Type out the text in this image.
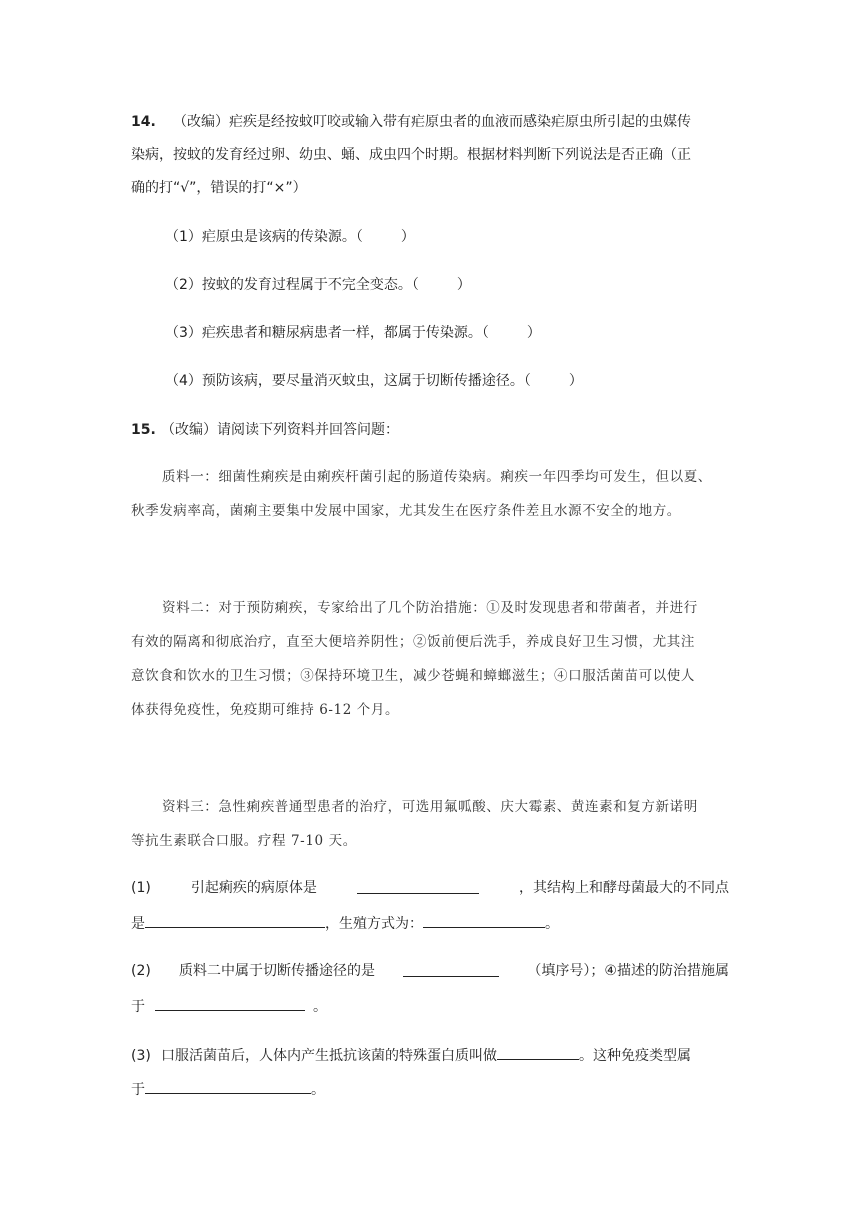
14. （改编）疟疾是经按蚊叮咬或输入带有疟原虫者的血液而感染疟原虫所引起的虫媒传
染病，按蚊的发育经过卵、幼虫、蛹、成虫四个时期。根据材料判断下列说法是否正确（正
确的打“√”，错误的打“×”）
（1）疟原虫是该病的传染源。（	）
（2）按蚊的发育过程属于不完全变态。（	）
（3）疟疾患者和糖尿病患者一样，都属于传染源。（	）
（4）预防该病，要尽量消灭蚊虫，这属于切断传播途径。（	）
15. （改编）请阅读下列资料并回答问题：
质料一：细菌性痢疾是由痢疾杆菌引起的肠道传染病。痢疾一年四季均可发生，但以夏、
秋季发病率高，菌痢主要集中发展中国家，尤其发生在医疗条件差且水源不安全的地方。
资料二：对于预防痢疾，专家给出了几个防治措施：①及时发现患者和带菌者，并进行
有效的隔离和彻底治疗，直至大便培养阴性；②饭前便后洗手，养成良好卫生习惯，尤其注
意饮食和饮水的卫生习惯；③保持环境卫生，减少苍蝇和蟑螂滋生；④口服活菌苗可以使人
体获得免疫性，免疫期可维持 6-12 个月。
资料三：急性痢疾普通型患者的治疗，可选用氟呱酸、庆大霉素、黄连素和复方新诺明
等抗生素联合口服。疗程 7-10 天。
(1)	引起痢疾的病原体是	，其结构上和酵母菌最大的不同点
是	，生殖方式为：	。
(2) 质料二中属于切断传播途径的是	（填序号）；④描述的防治措施属
于	。
(3) 口服活菌苗后，人体内产生抵抗该菌的特殊蛋白质叫做	。这种免疫类型属
于	。
